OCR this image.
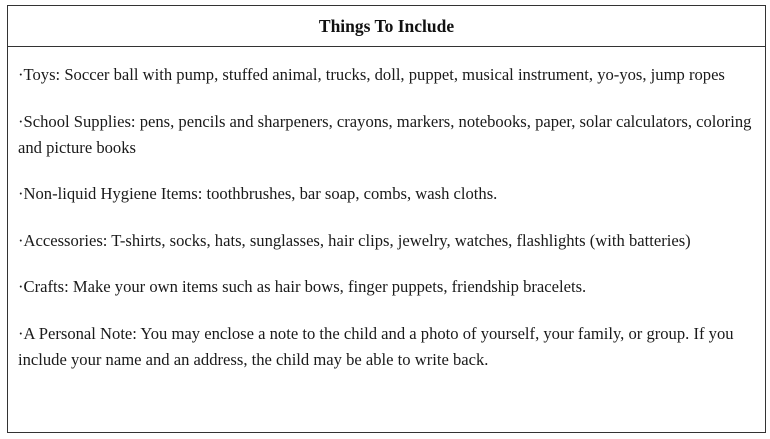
Things To Include

·Toys: Soccer ball with pump, stuffed animal, trucks, doll, puppet, musical instrument, yo-yos, jump ropes

·School Supplies: pens, pencils and sharpeners, crayons, markers, notebooks, paper, solar calculators, coloring and picture books

·Non-liquid Hygiene Items: toothbrushes, bar soap, combs, wash cloths.

·Accessories: T-shirts, socks, hats, sunglasses, hair clips, jewelry, watches, flashlights (with batteries)

·Crafts: Make your own items such as hair bows, finger puppets, friendship bracelets.

·A Personal Note: You may enclose a note to the child and a photo of yourself, your family, or group. If you include your name and an address, the child may be able to write back.
